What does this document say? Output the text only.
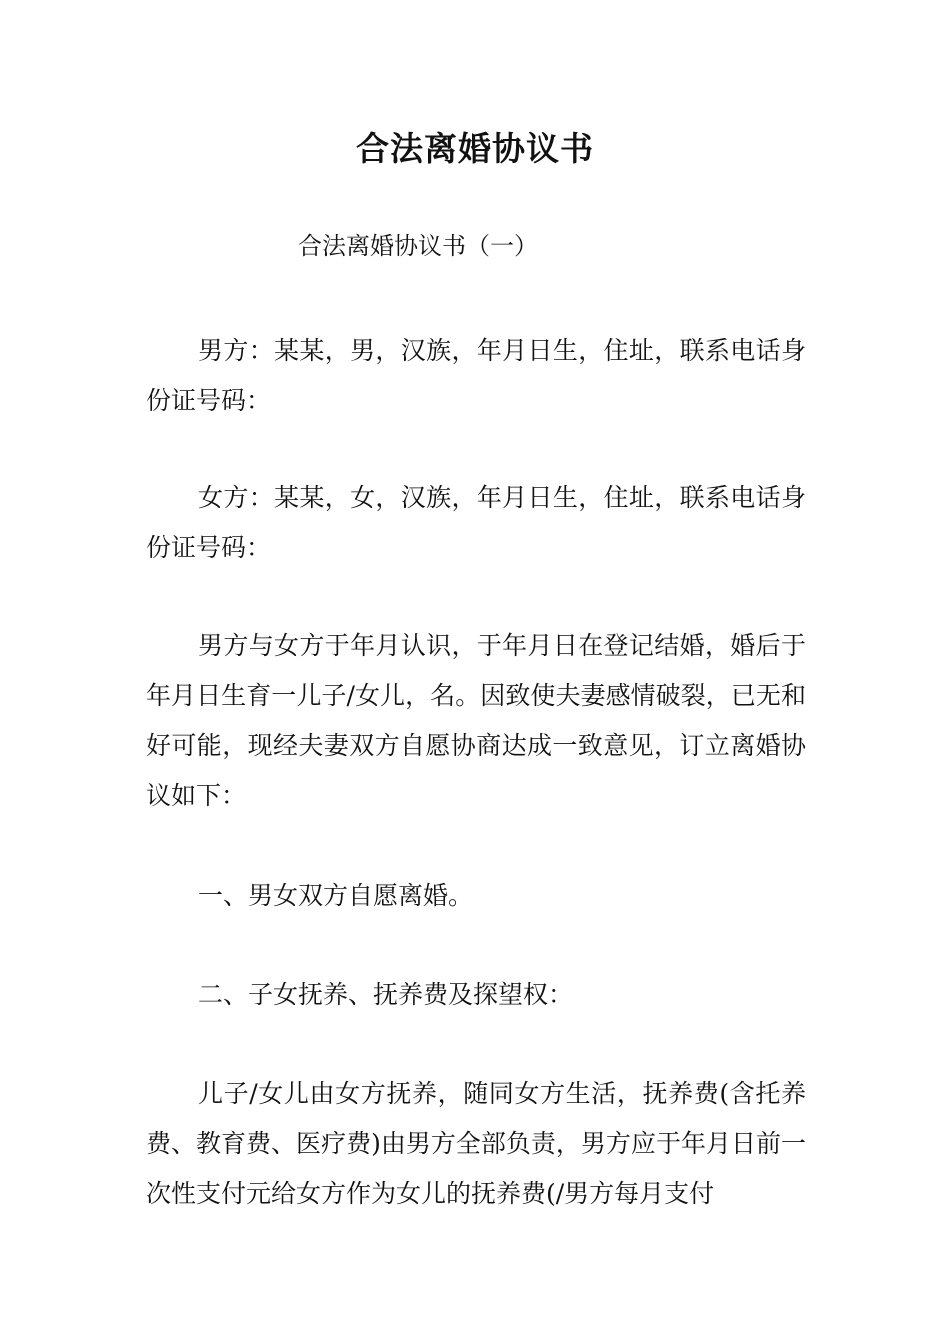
合法离婚协议书

合法离婚协议书（一）

男方：某某，男，汉族，年月日生，住址，联系电话身份证号码：

女方：某某，女，汉族，年月日生，住址，联系电话身份证号码：

男方与女方于年月认识，于年月日在登记结婚，婚后于年月日生育一儿子/女儿，名。因致使夫妻感情破裂，已无和好可能，现经夫妻双方自愿协商达成一致意见，订立离婚协议如下：

一、男女双方自愿离婚。

二、子女抚养、抚养费及探望权：

儿子/女儿由女方抚养，随同女方生活，抚养费(含托养费、教育费、医疗费)由男方全部负责，男方应于年月日前一次性支付元给女方作为女儿的抚养费(/男方每月支付
